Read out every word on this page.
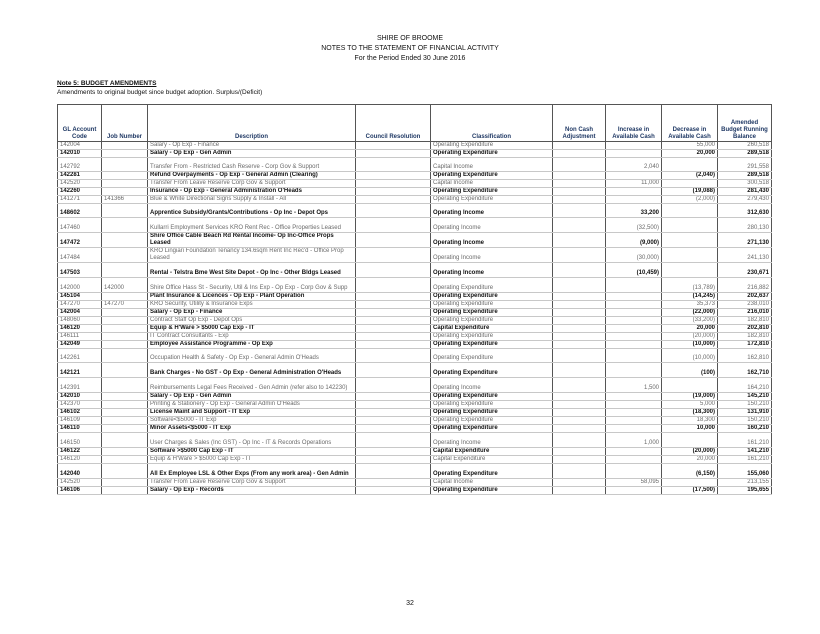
SHIRE OF BROOME
NOTES TO THE STATEMENT OF FINANCIAL ACTIVITY
For the Period Ended 30 June 2016
Note 5: BUDGET AMENDMENTS
Amendments to original budget since budget adoption. Surplus/(Deficit)
GL Account Code	Job Number	Description	Council Resolution	Classification	Non Cash Adjustment	Increase in Available Cash	Decrease in Available Cash	Amended Budget Running Balance
142004		Salary - Op Exp - Finance		Operating Expenditure			55,000	260,518
142010		Salary - Op Exp - Gen Admin		Operating Expenditure			20,000	289,518
142792		Transfer From - Restricted Cash Reserve - Corp Gov & Support		Capital Income		2,040		291,558
142281		Refund Overpayments - Op Exp - General Admin (Clearing)		Operating Expenditure			(2,040)	289,518
142520		Transfer From Leave Reserve Corp Gov & Support		Capital Income		11,000		300,518
142260		Insurance - Op Exp - General Administration O'Heads		Operating Expenditure			(19,088)	281,430
141271	141366	Blue & White Directional Signs Supply & Install - All		Operating Expenditure			(2,000)	279,430
148602		Apprentice Subsidy/Grants/Contributions - Op Inc - Depot Ops		Operating Income		33,200		312,630
147460		Kullarri Employment Services KRO Rent Rec - Office Properties Leased		Operating Income		(32,500)		280,130
147472		Shire Office Cable Beach Rd Rental Income- Op Inc-Office Props Leased		Operating Income		(9,000)		271,130
147484		KRO Lingiari Foundation Tenancy 134.6sqm Rent Inc Rec'd - Office Prop Leased		Operating Income		(30,000)		241,130
147503		Rental - Telstra Bme West Site Depot - Op Inc - Other Bldgs Leased		Operating Income		(10,459)		230,671
142000	142000	Shire Office Hass St - Security, Util & Ins Exp - Op Exp - Corp Gov & Supp		Operating Expenditure			(13,789)	216,882
145104		Plant Insurance & Licences - Op Exp - Plant Operation		Operating Expenditure			(14,245)	202,637
147270	147270	KRO Security, Utility & Insurance Exps		Operating Expenditure			35,373	238,010
142004		Salary - Op Exp - Finance		Operating Expenditure			(22,000)	216,010
148060		Contract Staff Op Exp - Depot Ops		Operating Expenditure			(33,200)	182,810
146120		Equip & H'Ware > $5000 Cap Exp - IT		Capital Expenditure			20,000	202,810
146111		IT Contract Consultants - Exp		Operating Expenditure			(20,000)	182,810
142049		Employee Assistance Programme - Op Exp		Operating Expenditure			(10,000)	172,810
142261		Occupation Health & Safety - Op Exp - General Admin O'Heads		Operating Expenditure			(10,000)	162,810
142121		Bank Charges - No GST - Op Exp - General Administration O'Heads		Operating Expenditure			(100)	162,710
142391		Reimbursements Legal Fees Received - Gen Admin (refer also to 142230)		Operating Income		1,500		164,210
142010		Salary - Op Exp - Gen Admin		Operating Expenditure			(19,000)	145,210
142370		Printing & Stationery - Op Exp - General Admin O'Heads		Operating Expenditure			5,000	150,210
146102		License Maint and Support - IT Exp		Operating Expenditure			(18,300)	131,910
146109		Software<$5000 - IT Exp		Operating Expenditure			18,300	150,210
146110		Minor Assets<$5000 - IT Exp		Operating Expenditure			10,000	160,210
146150		User Charges & Sales (Inc GST) - Op Inc - IT & Records Operations		Operating Income		1,000		161,210
146122		Software >$5000 Cap Exp - IT		Capital Expenditure			(20,000)	141,210
146120		Equip & H'Ware > $5000 Cap Exp - IT		Capital Expenditure			20,000	161,210
142040		All Ex Employee LSL & Other Exps (From any work area) - Gen Admin		Operating Expenditure			(6,150)	155,060
142520		Transfer From Leave Reserve Corp Gov & Support		Capital Income		58,095		213,155
146106		Salary - Op Exp - Records		Operating Expenditure			(17,500)	195,655
32
